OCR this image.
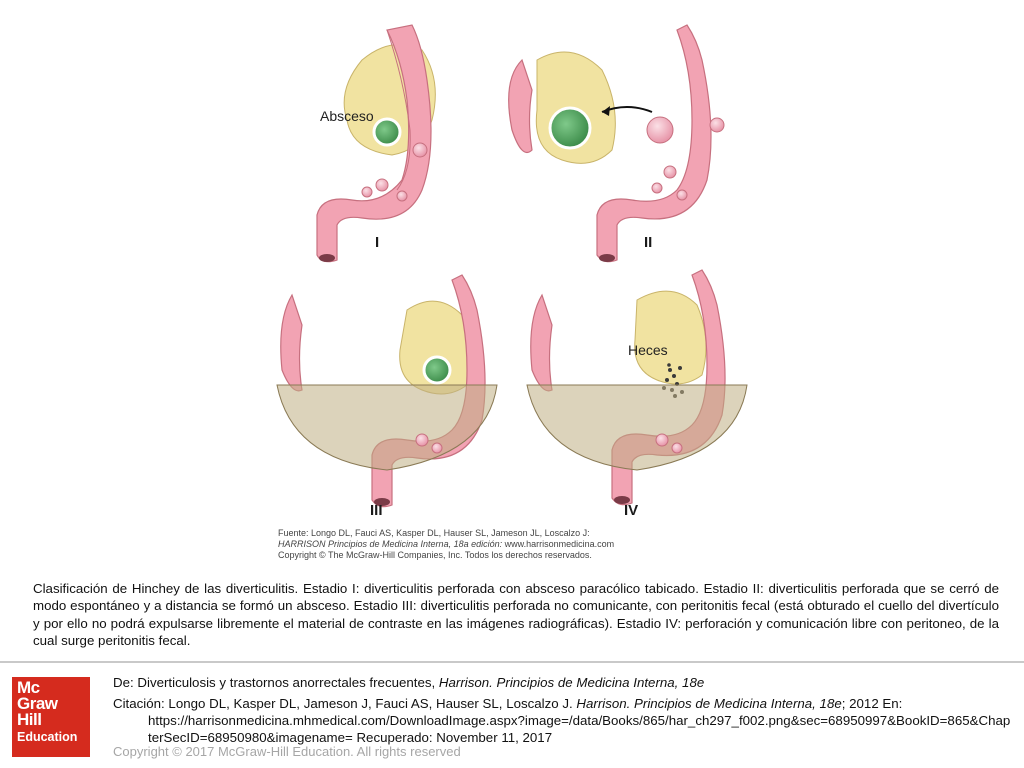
Absceso
Heces
I	II
III	IV
Fuente: Longo DL, Fauci AS, Kasper DL, Hauser SL, Jameson JL, Loscalzo J:
HARRISON Principios de Medicina Interna, 18a edición: www.harrisonmedicina.com
Copyright © The McGraw-Hill Companies, Inc. Todos los derechos reservados.
Clasificación de Hinchey de las diverticulitis. Estadio I: diverticulitis perforada con absceso paracólico tabicado. Estadio II: diverticulitis perforada que se cerró de modo espontáneo y a distancia se formó un absceso. Estadio III: diverticulitis perforada no comunicante, con peritonitis fecal (está obturado el cuello del divertículo y por ello no podrá expulsarse libremente el material de contraste en las imágenes radiográficas). Estadio IV: perforación y comunicación libre con peritoneo, de la cual surge peritonitis fecal.
Mc
Graw
Hill
Education
De: Diverticulosis y trastornos anorrectales frecuentes, Harrison. Principios de Medicina Interna, 18e
Citación: Longo DL, Kasper DL, Jameson J, Fauci AS, Hauser SL, Loscalzo J. Harrison. Principios de Medicina Interna, 18e; 2012 En:
https://harrisonmedicina.mhmedical.com/DownloadImage.aspx?image=/data/Books/865/har_ch297_f002.png&sec=68950997&BookID=865&ChapterSecID=68950980&imagename= Recuperado: November 11, 2017
Copyright © 2017 McGraw-Hill Education. All rights reserved
